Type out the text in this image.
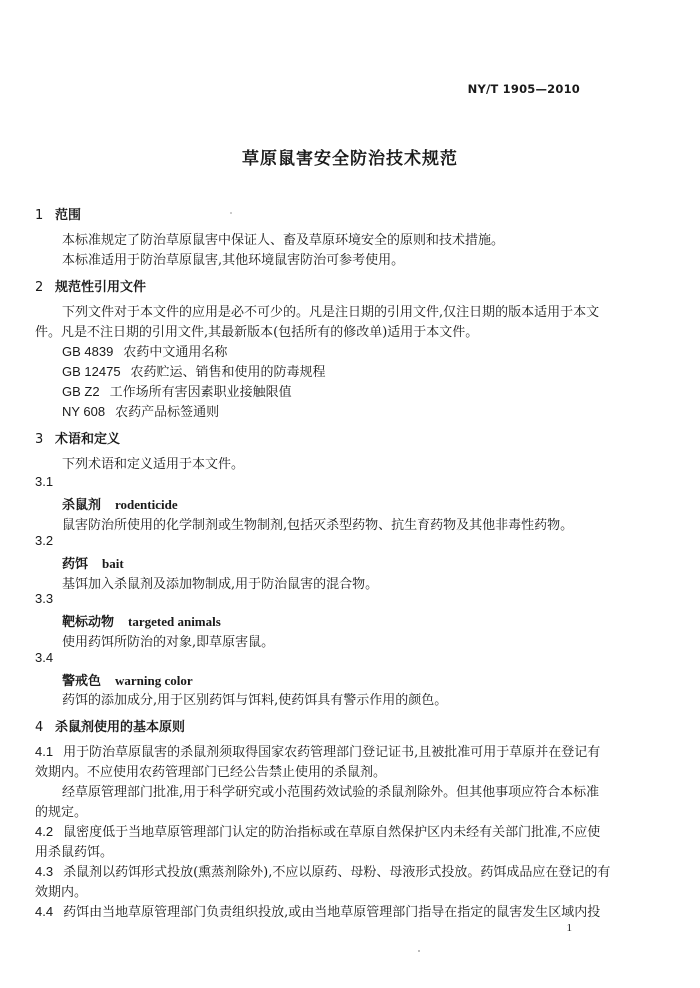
NY/T 1905—2010
草原鼠害安全防治技术规范
1 范围
本标准规定了防治草原鼠害中保证人、畜及草原环境安全的原则和技术措施。
本标准适用于防治草原鼠害,其他环境鼠害防治可参考使用。
2 规范性引用文件
下列文件对于本文件的应用是必不可少的。凡是注日期的引用文件,仅注日期的版本适用于本文
件。凡是不注日期的引用文件,其最新版本(包括所有的修改单)适用于本文件。
GB 4839 农药中文通用名称
GB 12475 农药贮运、销售和使用的防毒规程
GB Z2 工作场所有害因素职业接触限值
NY 608 农药产品标签通则
3 术语和定义
下列术语和定义适用于本文件。
3.1
杀鼠剂 rodenticide
鼠害防治所使用的化学制剂或生物制剂,包括灭杀型药物、抗生育药物及其他非毒性药物。
3.2
药饵 bait
基饵加入杀鼠剂及添加物制成,用于防治鼠害的混合物。
3.3
靶标动物 targeted animals
使用药饵所防治的对象,即草原害鼠。
3.4
警戒色 warning color
药饵的添加成分,用于区别药饵与饵料,使药饵具有警示作用的颜色。
4 杀鼠剂使用的基本原则
4.1 用于防治草原鼠害的杀鼠剂须取得国家农药管理部门登记证书,且被批准可用于草原并在登记有
效期内。不应使用农药管理部门已经公告禁止使用的杀鼠剂。
经草原管理部门批准,用于科学研究或小范围药效试验的杀鼠剂除外。但其他事项应符合本标准
的规定。
4.2 鼠密度低于当地草原管理部门认定的防治指标或在草原自然保护区内未经有关部门批准,不应使
用杀鼠药饵。
4.3 杀鼠剂以药饵形式投放(熏蒸剂除外),不应以原药、母粉、母液形式投放。药饵成品应在登记的有
效期内。
4.4 药饵由当地草原管理部门负责组织投放,或由当地草原管理部门指导在指定的鼠害发生区域内投
1
